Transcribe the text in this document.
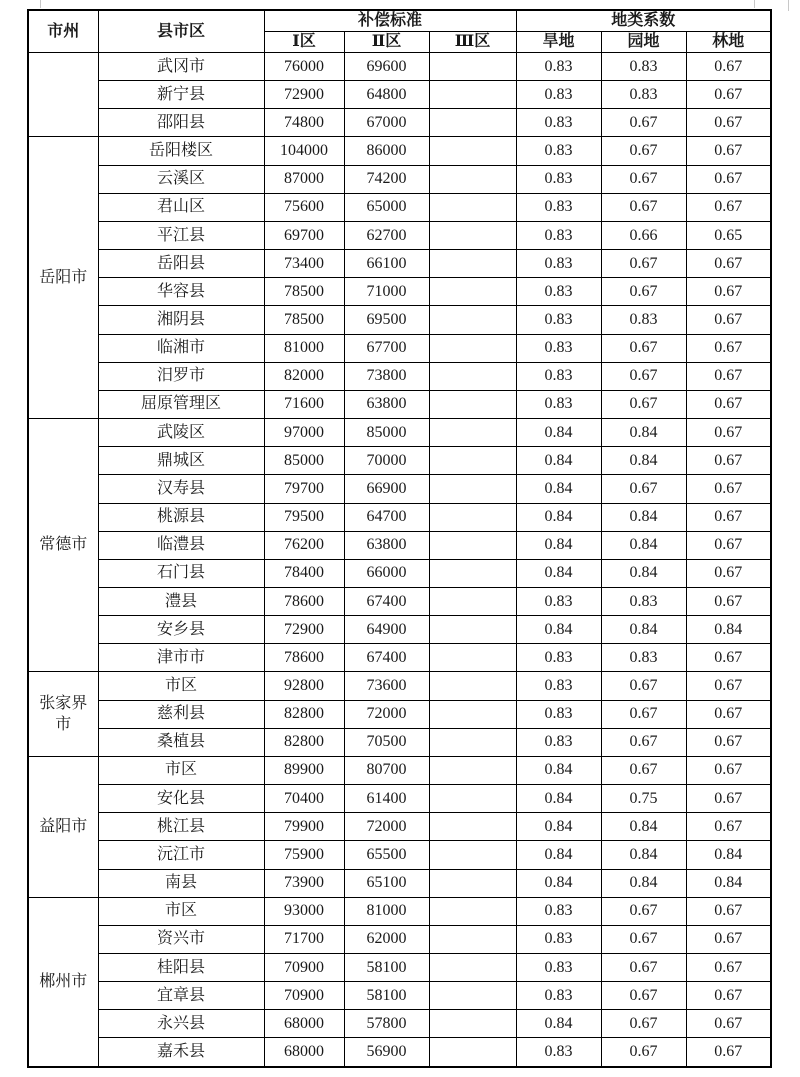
市州	县市区	补偿标准			地类系数		
		Ⅰ区	Ⅱ区	Ⅲ区	旱地	园地	林地
	武冈市	76000	69600		0.83	0.83	0.67
	新宁县	72900	64800		0.83	0.83	0.67
	邵阳县	74800	67000		0.83	0.67	0.67
岳阳市	岳阳楼区	104000	86000		0.83	0.67	0.67
	云溪区	87000	74200		0.83	0.67	0.67
	君山区	75600	65000		0.83	0.67	0.67
	平江县	69700	62700		0.83	0.66	0.65
	岳阳县	73400	66100		0.83	0.67	0.67
	华容县	78500	71000		0.83	0.67	0.67
	湘阴县	78500	69500		0.83	0.83	0.67
	临湘市	81000	67700		0.83	0.67	0.67
	汨罗市	82000	73800		0.83	0.67	0.67
	屈原管理区	71600	63800		0.83	0.67	0.67
常德市	武陵区	97000	85000		0.84	0.84	0.67
	鼎城区	85000	70000		0.84	0.84	0.67
	汉寿县	79700	66900		0.84	0.67	0.67
	桃源县	79500	64700		0.84	0.84	0.67
	临澧县	76200	63800		0.84	0.84	0.67
	石门县	78400	66000		0.84	0.84	0.67
	澧县	78600	67400		0.83	0.83	0.67
	安乡县	72900	64900		0.84	0.84	0.84
	津市市	78600	67400		0.83	0.83	0.67
张家界市	市区	92800	73600		0.83	0.67	0.67
	慈利县	82800	72000		0.83	0.67	0.67
	桑植县	82800	70500		0.83	0.67	0.67
益阳市	市区	89900	80700		0.84	0.67	0.67
	安化县	70400	61400		0.84	0.75	0.67
	桃江县	79900	72000		0.84	0.84	0.67
	沅江市	75900	65500		0.84	0.84	0.84
	南县	73900	65100		0.84	0.84	0.84
郴州市	市区	93000	81000		0.83	0.67	0.67
	资兴市	71700	62000		0.83	0.67	0.67
	桂阳县	70900	58100		0.83	0.67	0.67
	宜章县	70900	58100		0.83	0.67	0.67
	永兴县	68000	57800		0.84	0.67	0.67
	嘉禾县	68000	56900		0.83	0.67	0.67
